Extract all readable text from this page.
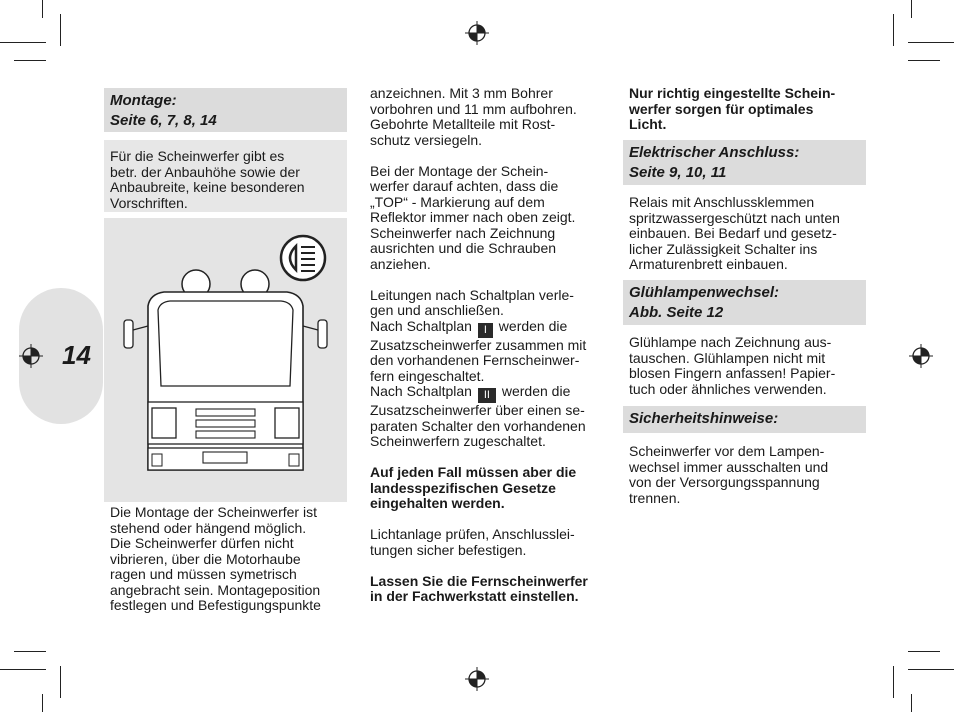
14
Montage:
Seite 6, 7, 8, 14
Für die Scheinwerfer gibt es
betr. der Anbauhöhe sowie der
Anbaubreite, keine besonderen
Vorschriften.
Die Montage der Scheinwerfer ist
stehend oder hängend möglich.
Die Scheinwerfer dürfen nicht
vibrieren, über die Motorhaube
ragen und müssen symetrisch
angebracht sein. Montageposition
festlegen und Befestigungspunkte
anzeichnen. Mit 3 mm Bohrer
vorbohren und 11 mm aufbohren.
Gebohrte Metallteile mit Rost-
schutz versiegeln.
Bei der Montage der Schein-
werfer darauf achten, dass die
„TOP“ - Markierung auf dem
Reflektor immer nach oben zeigt.
Scheinwerfer nach Zeichnung
ausrichten und die Schrauben
anziehen.
Leitungen nach Schaltplan verle-
gen und anschließen.
Nach Schaltplan I werden die
Zusatzscheinwerfer zusammen mit
den vorhandenen Fernscheinwer-
fern eingeschaltet.
Nach Schaltplan II werden die
Zusatzscheinwerfer über einen se-
paraten Schalter den vorhandenen
Scheinwerfern zugeschaltet.
Auf jeden Fall müssen aber die
landesspezifischen Gesetze
eingehalten werden.
Lichtanlage prüfen, Anschlusslei-
tungen sicher befestigen.
Lassen Sie die Fernscheinwerfer
in der Fachwerkstatt einstellen.
Nur richtig eingestellte Schein-
werfer sorgen für optimales
Licht.
Elektrischer Anschluss:
Seite 9, 10, 11
Relais mit Anschlussklemmen
spritzwassergeschützt nach unten
einbauen. Bei Bedarf und gesetz-
licher Zulässigkeit Schalter ins
Armaturenbrett einbauen.
Glühlampenwechsel:
Abb. Seite 12
Glühlampe nach Zeichnung aus-
tauschen. Glühlampen nicht mit
blosen Fingern anfassen! Papier-
tuch oder ähnliches verwenden.
Sicherheitshinweise:
Scheinwerfer vor dem Lampen-
wechsel immer ausschalten und
von der Versorgungsspannung
trennen.
